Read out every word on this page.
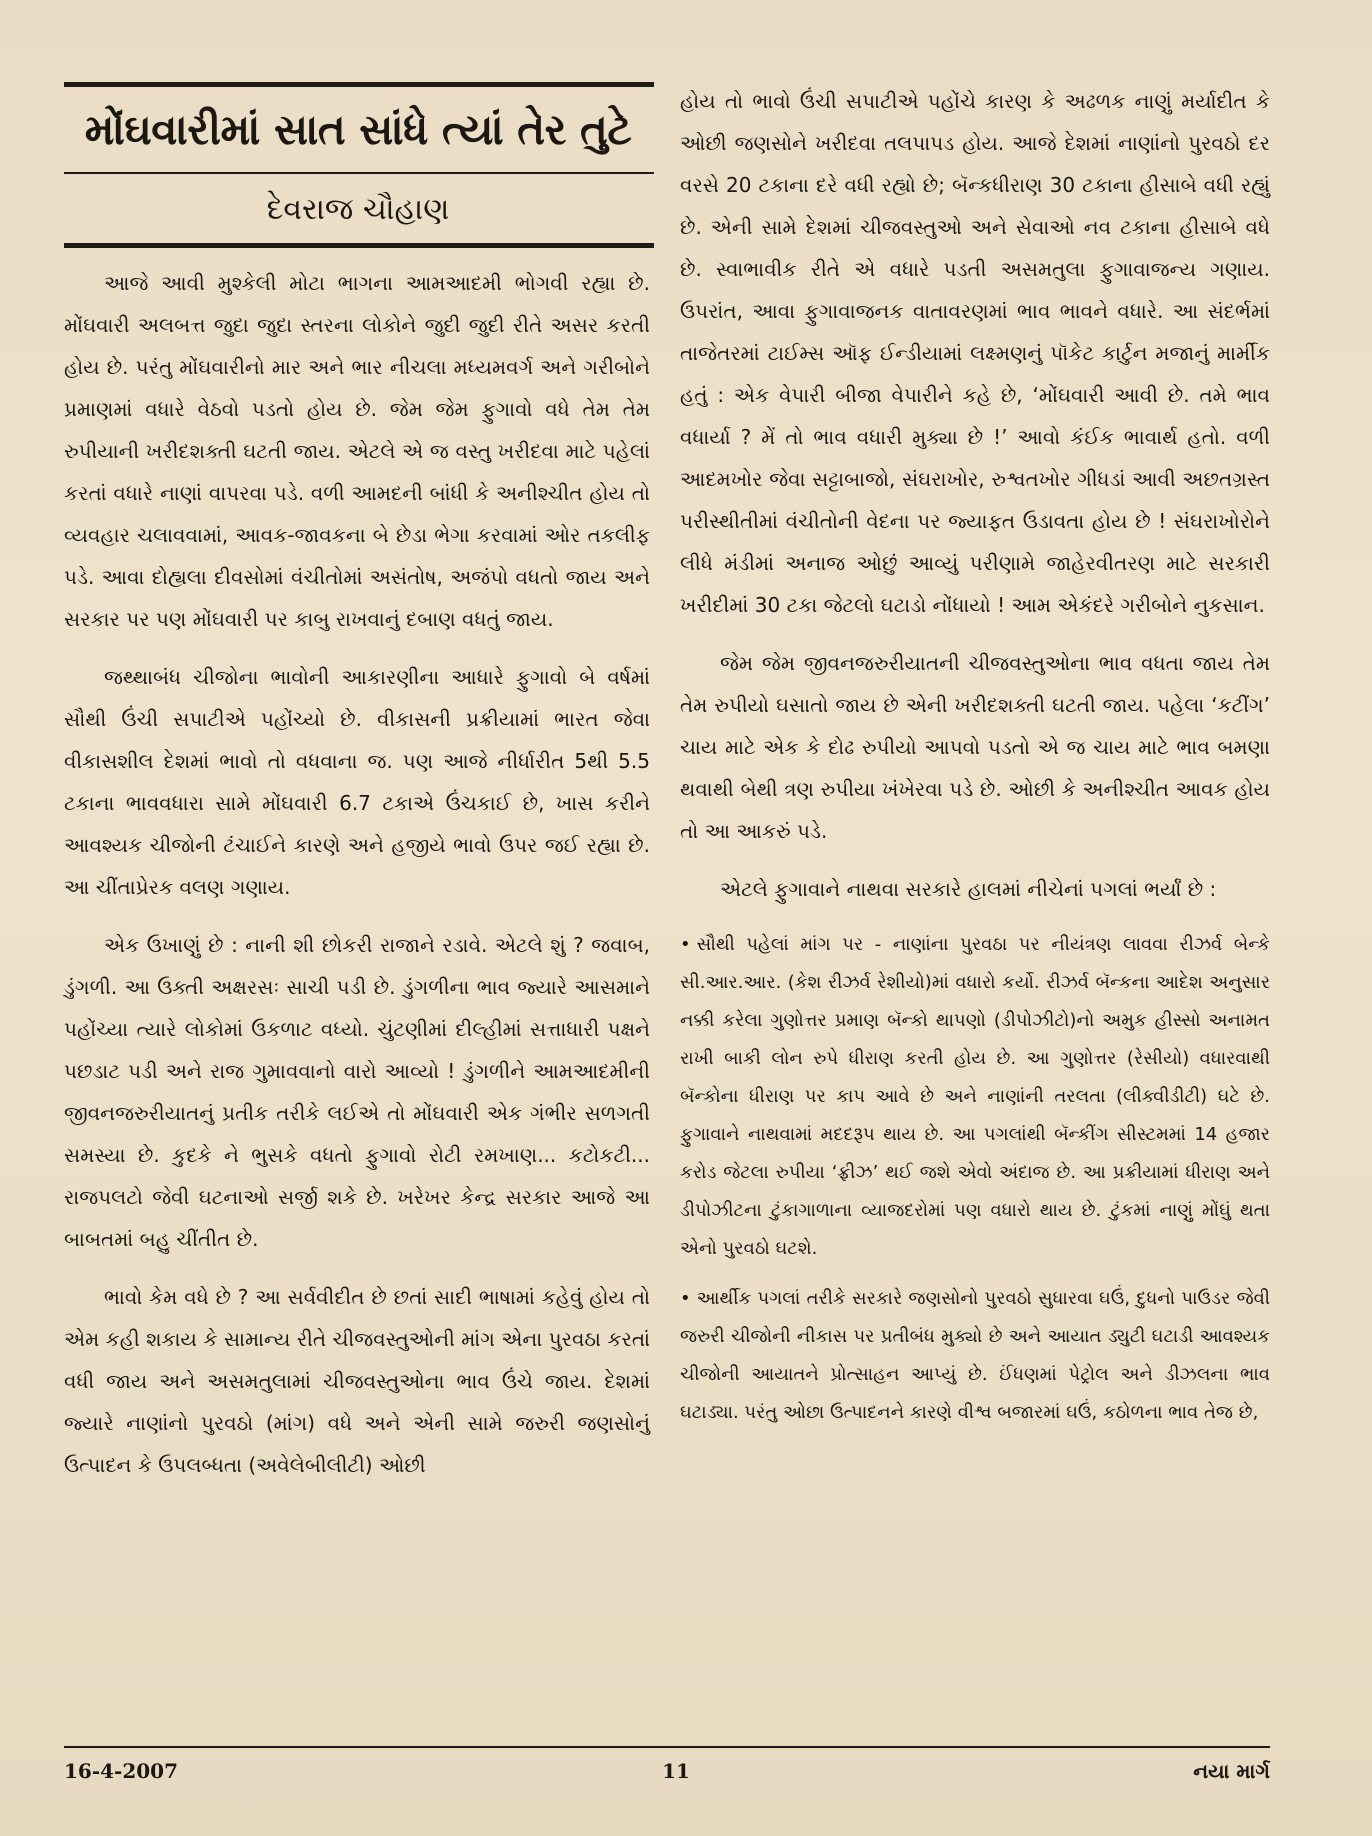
મોંઘવારીમાં સાત સાંધે ત્યાં તેર તુટે

દેવરાજ ચૌહાણ

આજે આવી મુશ્કેલી મોટા ભાગના આમઆદમી ભોગવી રહ્યા છે. મોંઘવારી અલબત્ત જુદા જુદા સ્તરના લોકોને જુદી જુદી રીતે અસર કરતી હોય છે. પરંતુ મોંઘવારીનો માર અને ભાર નીચલા મધ્યમવર્ગ અને ગરીબોને પ્રમાણમાં વધારે વેઠવો પડતો હોય છે. જેમ જેમ ફુગાવો વધે તેમ તેમ રુપીયાની ખરીદશક્તી ઘટતી જાય. એટલે એ જ વસ્તુ ખરીદવા માટે પહેલાં કરતાં વધારે નાણાં વાપરવા પડે. વળી આમદની બાંધી કે અનીશ્ચીત હોય તો વ્યવહાર ચલાવવામાં, આવક-જાવકના બે છેડા ભેગા કરવામાં ઓર તકલીફ પડે. આવા દોહ્યલા દીવસોમાં વંચીતોમાં અસંતોષ, અજંપો વધતો જાય અને સરકાર પર પણ મોંઘવારી પર કાબુ રાખવાનું દબાણ વધતું જાય.

જથ્થાબંધ ચીજોના ભાવોની આકારણીના આધારે ફુગાવો બે વર્ષમાં સૌથી ઉંચી સપાટીએ પહોંચ્યો છે. વીકાસની પ્રક્રીયામાં ભારત જેવા વીકાસશીલ દેશમાં ભાવો તો વધવાના જ. પણ આજે નીર્ધારીત 5થી 5.5 ટકાના ભાવવધારા સામે મોંઘવારી 6.7 ટકાએ ઉંચકાઈ છે, ખાસ કરીને આવશ્યક ચીજોની ટંચાઈને કારણે અને હજીયે ભાવો ઉપર જઈ રહ્યા છે. આ ચીંતાપ્રેરક વલણ ગણાય.

એક ઉખાણું છે : નાની શી છોકરી રાજાને રડાવે. એટલે શું ? જવાબ, ડુંગળી. આ ઉક્તી અક્ષરસઃ સાચી પડી છે. ડુંગળીના ભાવ જ્યારે આસમાને પહોંચ્યા ત્યારે લોકોમાં ઉકળાટ વધ્યો. ચુંટણીમાં દીલ્હીમાં સત્તાધારી પક્ષને પછડાટ પડી અને રાજ ગુમાવવાનો વારો આવ્યો ! ડુંગળીને આમઆદમીની જીવનજરુરીયાતનું પ્રતીક તરીકે લઈએ તો મોંઘવારી એક ગંભીર સળગતી સમસ્યા છે. કુદકે ને ભુસકે વધતો ફુગાવો રોટી રમખાણ... કટોકટી... રાજપલટો જેવી ઘટનાઓ સર્જી શકે છે. ખરેખર કેન્દ્ર સરકાર આજે આ બાબતમાં બહુ ચીંતીત છે.

ભાવો કેમ વધે છે ? આ સર્વવીદીત છે છતાં સાદી ભાષામાં કહેવું હોય તો એમ કહી શકાય કે સામાન્ય રીતે ચીજવસ્તુઓની માંગ એના પુરવઠા કરતાં વધી જાય અને અસમતુલામાં ચીજવસ્તુઓના ભાવ ઉંચે જાય. દેશમાં જ્યારે નાણાંનો પુરવઠો (માંગ) વધે અને એની સામે જરુરી જણસોનું ઉત્પાદન કે ઉપલબ્ધતા (અવેલેબીલીટી) ઓછી

હોય તો ભાવો ઉંચી સપાટીએ પહોંચે કારણ કે અઢળક નાણું મર્યાદીત કે ઓછી જણસોને ખરીદવા તલપાપડ હોય. આજે દેશમાં નાણાંનો પુરવઠો દર વરસે 20 ટકાના દરે વધી રહ્યો છે; બૅન્કધીરાણ 30 ટકાના હીસાબે વધી રહ્યું છે. એની સામે દેશમાં ચીજવસ્તુઓ અને સેવાઓ નવ ટકાના હીસાબે વધે છે. સ્વાભાવીક રીતે એ વધારે પડતી અસમતુલા ફુગાવાજન્ય ગણાય. ઉપરાંત, આવા ફુગાવાજનક વાતાવરણમાં ભાવ ભાવને વધારે. આ સંદર્ભમાં તાજેતરમાં ટાઈમ્સ ઑફ ઈન્ડીયામાં લક્ષ્મણનું પૉકેટ કાર્ટુન મજાનું માર્મીક હતું : એક વેપારી બીજા વેપારીને કહે છે, ‘મોંઘવારી આવી છે. તમે ભાવ વધાર્યા ? મેં તો ભાવ વધારી મુક્યા છે !’ આવો કંઈક ભાવાર્થ હતો. વળી આદમખોર જેવા સટ્ટાબાજો, સંઘરાખોર, રુશ્વતખોર ગીધડાં આવી અછતગ્રસ્ત પરીસ્થીતીમાં વંચીતોની વેદના પર જ્યાફત ઉડાવતા હોય છે ! સંઘરાખોરોને લીધે મંડીમાં અનાજ ઓછું આવ્યું પરીણામે જાહેરવીતરણ માટે સરકારી ખરીદીમાં 30 ટકા જેટલો ઘટાડો નોંધાયો ! આમ એકંદરે ગરીબોને નુકસાન.

જેમ જેમ જીવનજરુરીયાતની ચીજવસ્તુઓના ભાવ વધતા જાય તેમ તેમ રુપીયો ઘસાતો જાય છે એની ખરીદશક્તી ઘટતી જાય. પહેલા ‘કટીંગ’ ચાય માટે એક કે દોઢ રુપીયો આપવો પડતો એ જ ચાય માટે ભાવ બમણા થવાથી બેથી ત્રણ રુપીયા ખંખેરવા પડે છે. ઓછી કે અનીશ્ચીત આવક હોય તો આ આકરું પડે.

એટલે ફુગાવાને નાથવા સરકારે હાલમાં નીચેનાં પગલાં ભર્યાં છે :

• સૌથી પહેલાં માંગ પર - નાણાંના પુરવઠા પર નીયંત્રણ લાવવા રીઝર્વ બેન્કે સી.આર.આર. (કેશ રીઝર્વ રેશીયો)માં વધારો કર્યો. રીઝર્વ બૅન્કના આદેશ અનુસાર નક્કી કરેલા ગુણોત્તર પ્રમાણ બૅન્કો થાપણો (ડીપોઝીટો)નો અમુક હીસ્સો અનામત રાખી બાકી લોન રુપે ધીરાણ કરતી હોય છે. આ ગુણોત્તર (રેસીયો) વધારવાથી બૅન્કોના ધીરાણ પર કાપ આવે છે અને નાણાંની તરલતા (લીક્વીડીટી) ઘટે છે. ફુગાવાને નાથવામાં મદદરૂપ થાય છે. આ પગલાંથી બૅન્કીંગ સીસ્ટમમાં 14 હજાર કરોડ જેટલા રુપીયા ‘ફ્રીઝ’ થઈ જશે એવો અંદાજ છે. આ પ્રક્રીયામાં ધીરાણ અને ડીપોઝીટના ટુંકાગાળાના વ્યાજદરોમાં પણ વધારો થાય છે. ટુંકમાં નાણું મોંઘું થતા એનો પુરવઠો ઘટશે.

• આર્થીક પગલાં તરીકે સરકારે જણસોનો પુરવઠો સુધારવા ઘઉં, દુધનો પાઉડર જેવી જરુરી ચીજોની નીકાસ પર પ્રતીબંધ મુક્યો છે અને આયાત ડ્યુટી ઘટાડી આવશ્યક ચીજોની આયાતને પ્રોત્સાહન આપ્યું છે. ઈંધણમાં પેટ્રોલ અને ડીઝલના ભાવ ઘટાડ્યા. પરંતુ ઓછા ઉત્પાદનને કારણે વીશ્વ બજારમાં ઘઉં, કઠોળના ભાવ તેજ છે,

16-4-2007	11	નયા માર્ગ
